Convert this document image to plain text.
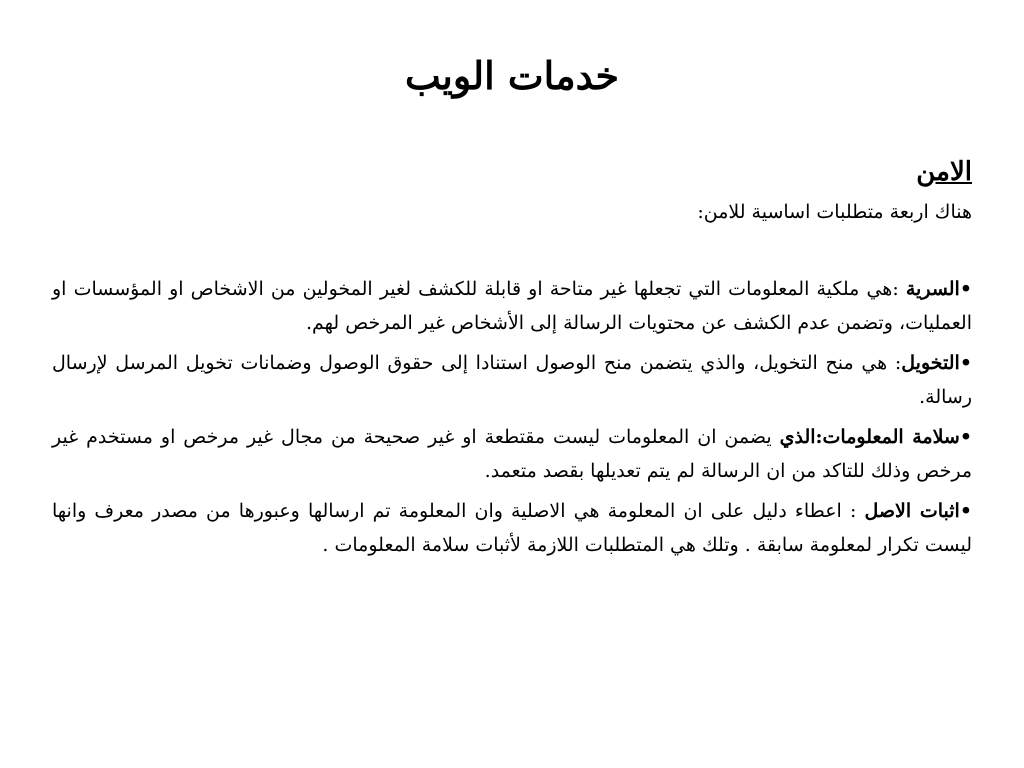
خدمات الويب
الامن

هناك اربعة متطلبات اساسية للامن:

•السرية :هي ملكية المعلومات التي تجعلها غير متاحة او قابلة للكشف لغير المخولين من الاشخاص او المؤسسات او العمليات، وتضمن عدم الكشف عن محتويات الرسالة إلى الأشخاص غير المرخص لهم.

•التخويل: هي منح التخويل، والذي يتضمن منح الوصول استنادا إلى حقوق الوصول وضمانات تخويل المرسل لإرسال رسالة.

•سلامة المعلومات:الذي يضمن ان المعلومات ليست مقتطعة او غير صحيحة من مجال غير مرخص او مستخدم غير مرخص وذلك للتاكد من ان الرسالة لم يتم تعديلها بقصد متعمد.

•اثبات الاصل : اعطاء دليل على ان المعلومة هي الاصلية وان المعلومة تم ارسالها وعبورها من مصدر معرف وانها ليست تكرار لمعلومة سابقة . وتلك هي المتطلبات اللازمة لأثبات سلامة المعلومات .
